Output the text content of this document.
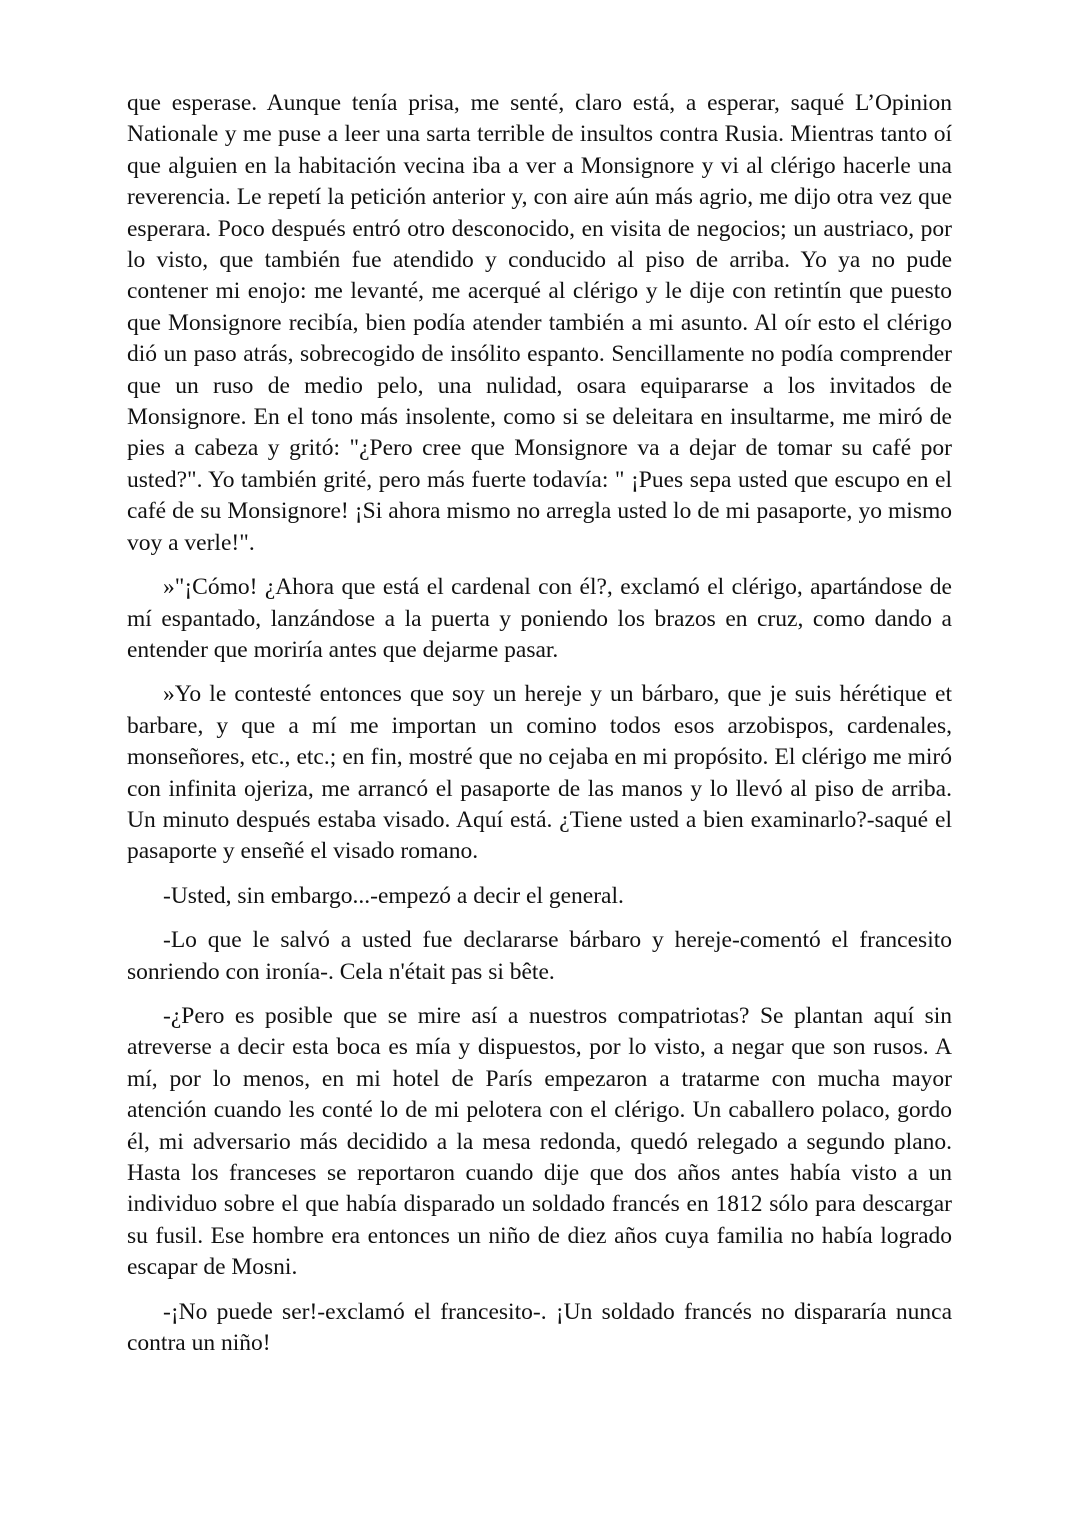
que esperase. Aunque tenía prisa, me senté, claro está, a esperar, saqué L’Opinion Nationale y me puse a leer una sarta terrible de insultos contra Rusia. Mientras tanto oí que alguien en la habitación vecina iba a ver a Monsignore y vi al clérigo hacerle una reverencia. Le repetí la petición anterior y, con aire aún más agrio, me dijo otra vez que esperara. Poco después entró otro desconocido, en visita de negocios; un austriaco, por lo visto, que también fue atendido y conducido al piso de arriba. Yo ya no pude contener mi enojo: me levanté, me acerqué al clérigo y le dije con retintín que puesto que Monsignore recibía, bien podía atender también a mi asunto. Al oír esto el clérigo dió un paso atrás, sobrecogido de insólito espanto. Sencillamente no podía comprender que un ruso de medio pelo, una nulidad, osara equipararse a los invitados de Monsignore. En el tono más insolente, como si se deleitara en insultarme, me miró de pies a cabeza y gritó: "¿Pero cree que Monsignore va a dejar de tomar su café por usted?". Yo también grité, pero más fuerte todavía: " ¡Pues sepa usted que escupo en el café de su Monsignore! ¡Si ahora mismo no arregla usted lo de mi pasaporte, yo mismo voy a verle!".

»"¡Cómo! ¿Ahora que está el cardenal con él?, exclamó el clérigo, apartándose de mí espantado, lanzándose a la puerta y poniendo los brazos en cruz, como dando a entender que moriría antes que dejarme pasar.

»Yo le contesté entonces que soy un hereje y un bárbaro, que je suis hérétique et barbare, y que a mí me importan un comino todos esos arzobispos, cardenales, monseñores, etc., etc.; en fin, mostré que no cejaba en mi propósito. El clérigo me miró con infinita ojeriza, me arrancó el pasaporte de las manos y lo llevó al piso de arriba. Un minuto después estaba visado. Aquí está. ¿Tiene usted a bien examinarlo?-saqué el pasaporte y enseñé el visado romano.

-Usted, sin embargo...-empezó a decir el general.

-Lo que le salvó a usted fue declararse bárbaro y hereje-comentó el francesito sonriendo con ironía-. Cela n'était pas si bête.

-¿Pero es posible que se mire así a nuestros compatriotas? Se plantan aquí sin atreverse a decir esta boca es mía y dispuestos, por lo visto, a negar que son rusos. A mí, por lo menos, en mi hotel de París empezaron a tratarme con mucha mayor atención cuando les conté lo de mi pelotera con el clérigo. Un caballero polaco, gordo él, mi adversario más decidido a la mesa redonda, quedó relegado a segundo plano. Hasta los franceses se reportaron cuando dije que dos años antes había visto a un individuo sobre el que había disparado un soldado francés en 1812 sólo para descargar su fusil. Ese hombre era entonces un niño de diez años cuya familia no había logrado escapar de Mosni.

-¡No puede ser!-exclamó el francesito-. ¡Un soldado francés no dispararía nunca contra un niño!
